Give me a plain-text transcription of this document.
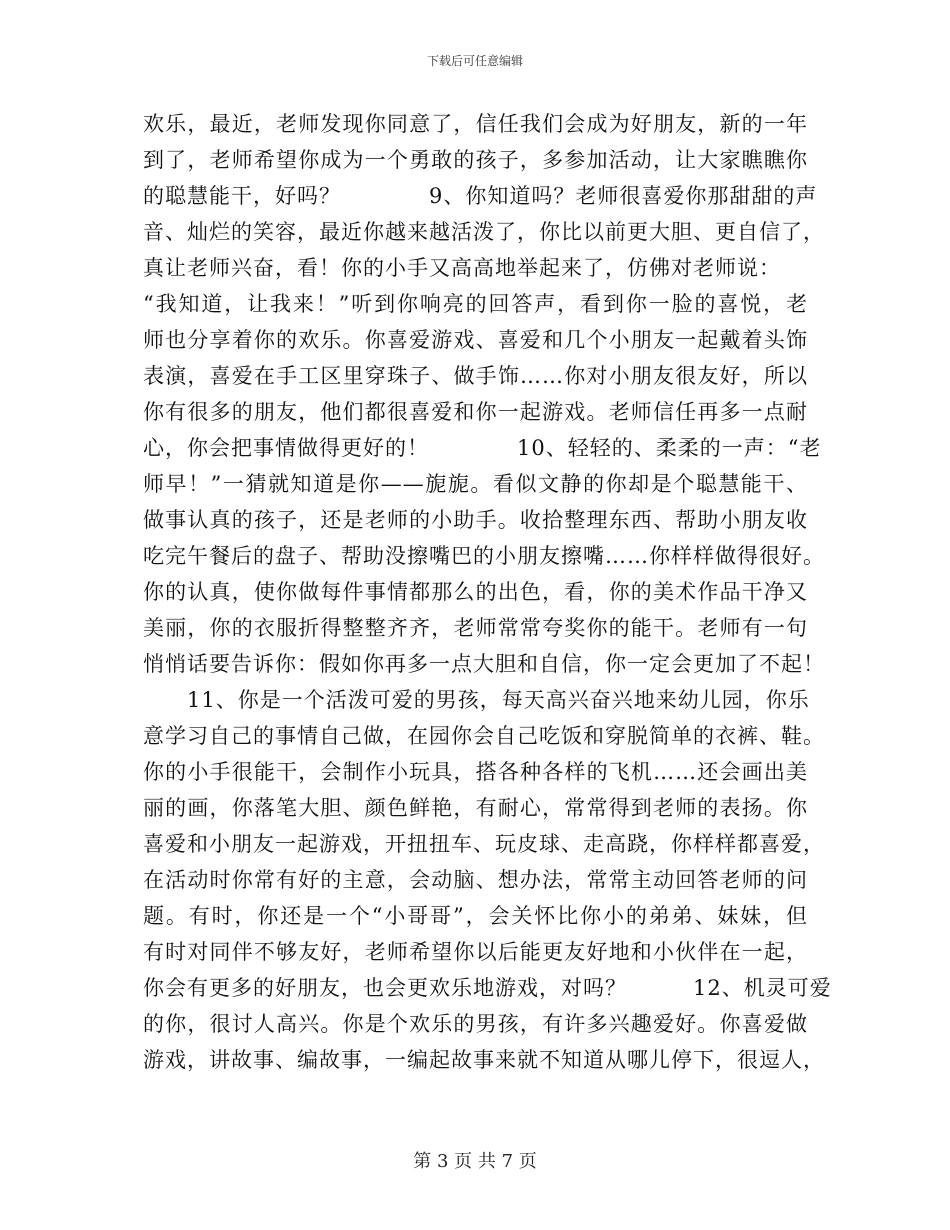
下载后可任意编辑
欢乐，最近，老师发现你同意了，信任我们会成为好朋友，新的一年
到了，老师希望你成为一个勇敢的孩子，多参加活动，让大家瞧瞧你
的聪慧能干，好吗？　　　　9、你知道吗？老师很喜爱你那甜甜的声
音、灿烂的笑容，最近你越来越活泼了，你比以前更大胆、更自信了，
真让老师兴奋，看！你的小手又高高地举起来了，仿佛对老师说：
“我知道，让我来！”听到你响亮的回答声，看到你一脸的喜悦，老
师也分享着你的欢乐。你喜爱游戏、喜爱和几个小朋友一起戴着头饰
表演，喜爱在手工区里穿珠子、做手饰……你对小朋友很友好，所以
你有很多的朋友，他们都很喜爱和你一起游戏。老师信任再多一点耐
心，你会把事情做得更好的！　　　　10、轻轻的、柔柔的一声：“老
师早！”一猜就知道是你——旎旎。看似文静的你却是个聪慧能干、
做事认真的孩子，还是老师的小助手。收拾整理东西、帮助小朋友收
吃完午餐后的盘子、帮助没擦嘴巴的小朋友擦嘴……你样样做得很好。
你的认真，使你做每件事情都那么的出色，看，你的美术作品干净又
美丽，你的衣服折得整整齐齐，老师常常夸奖你的能干。老师有一句
悄悄话要告诉你：假如你再多一点大胆和自信，你一定会更加了不起！
　　11、你是一个活泼可爱的男孩，每天高兴奋兴地来幼儿园，你乐
意学习自己的事情自己做，在园你会自己吃饭和穿脱简单的衣裤、鞋。
你的小手很能干，会制作小玩具，搭各种各样的飞机……还会画出美
丽的画，你落笔大胆、颜色鲜艳，有耐心，常常得到老师的表扬。你
喜爱和小朋友一起游戏，开扭扭车、玩皮球、走高跷，你样样都喜爱，
在活动时你常有好的主意，会动脑、想办法，常常主动回答老师的问
题。有时，你还是一个“小哥哥”，会关怀比你小的弟弟、妹妹，但
有时对同伴不够友好，老师希望你以后能更友好地和小伙伴在一起，
你会有更多的好朋友，也会更欢乐地游戏，对吗？　　　12、机灵可爱
的你，很讨人高兴。你是个欢乐的男孩，有许多兴趣爱好。你喜爱做
游戏，讲故事、编故事，一编起故事来就不知道从哪儿停下，很逗人，
第 3 页 共 7 页
